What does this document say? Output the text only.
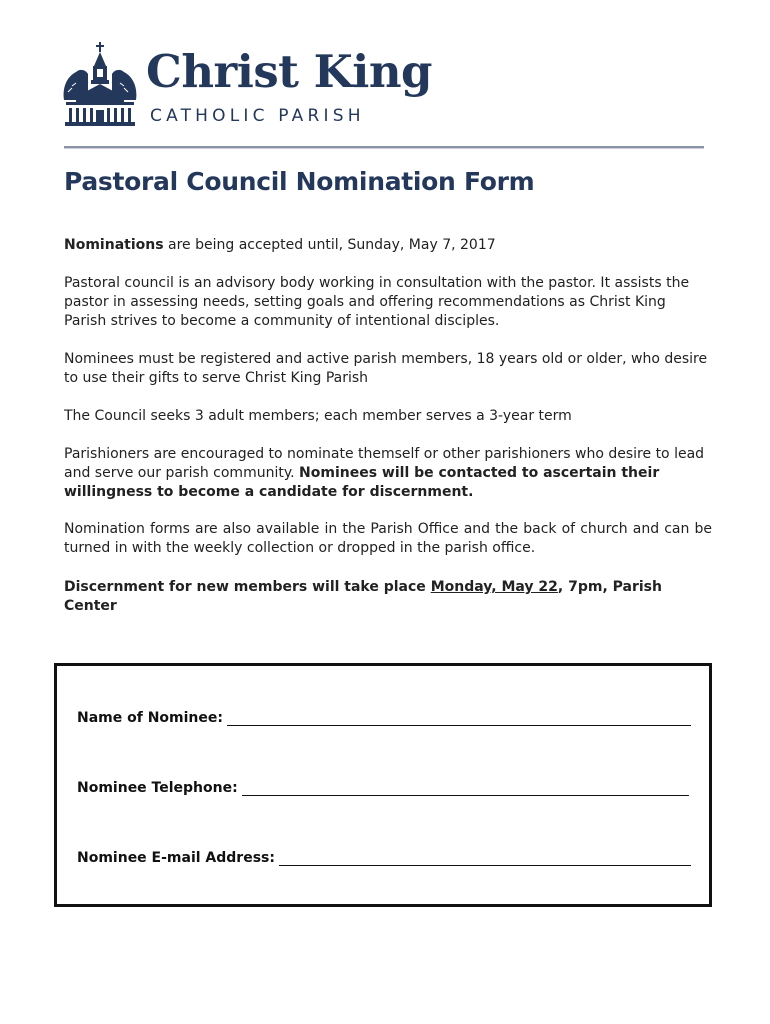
Christ King
CATHOLIC PARISH
Pastoral Council Nomination Form
Nominations are being accepted until, Sunday, May 7, 2017
Pastoral council is an advisory body working in consultation with the pastor. It assists the pastor in assessing needs, setting goals and offering recommendations as Christ King Parish strives to become a community of intentional disciples.
Nominees must be registered and active parish members, 18 years old or older, who desire to use their gifts to serve Christ King Parish
The Council seeks 3 adult members; each member serves a 3-year term
Parishioners are encouraged to nominate themself or other parishioners who desire to lead and serve our parish community. Nominees will be contacted to ascertain their willingness to become a candidate for discernment.
Nomination forms are also available in the Parish Office and the back of church and can be turned in with the weekly collection or dropped in the parish office.
Discernment for new members will take place Monday, May 22, 7pm, Parish Center
Name of Nominee:
Nominee Telephone:
Nominee E-mail Address:
